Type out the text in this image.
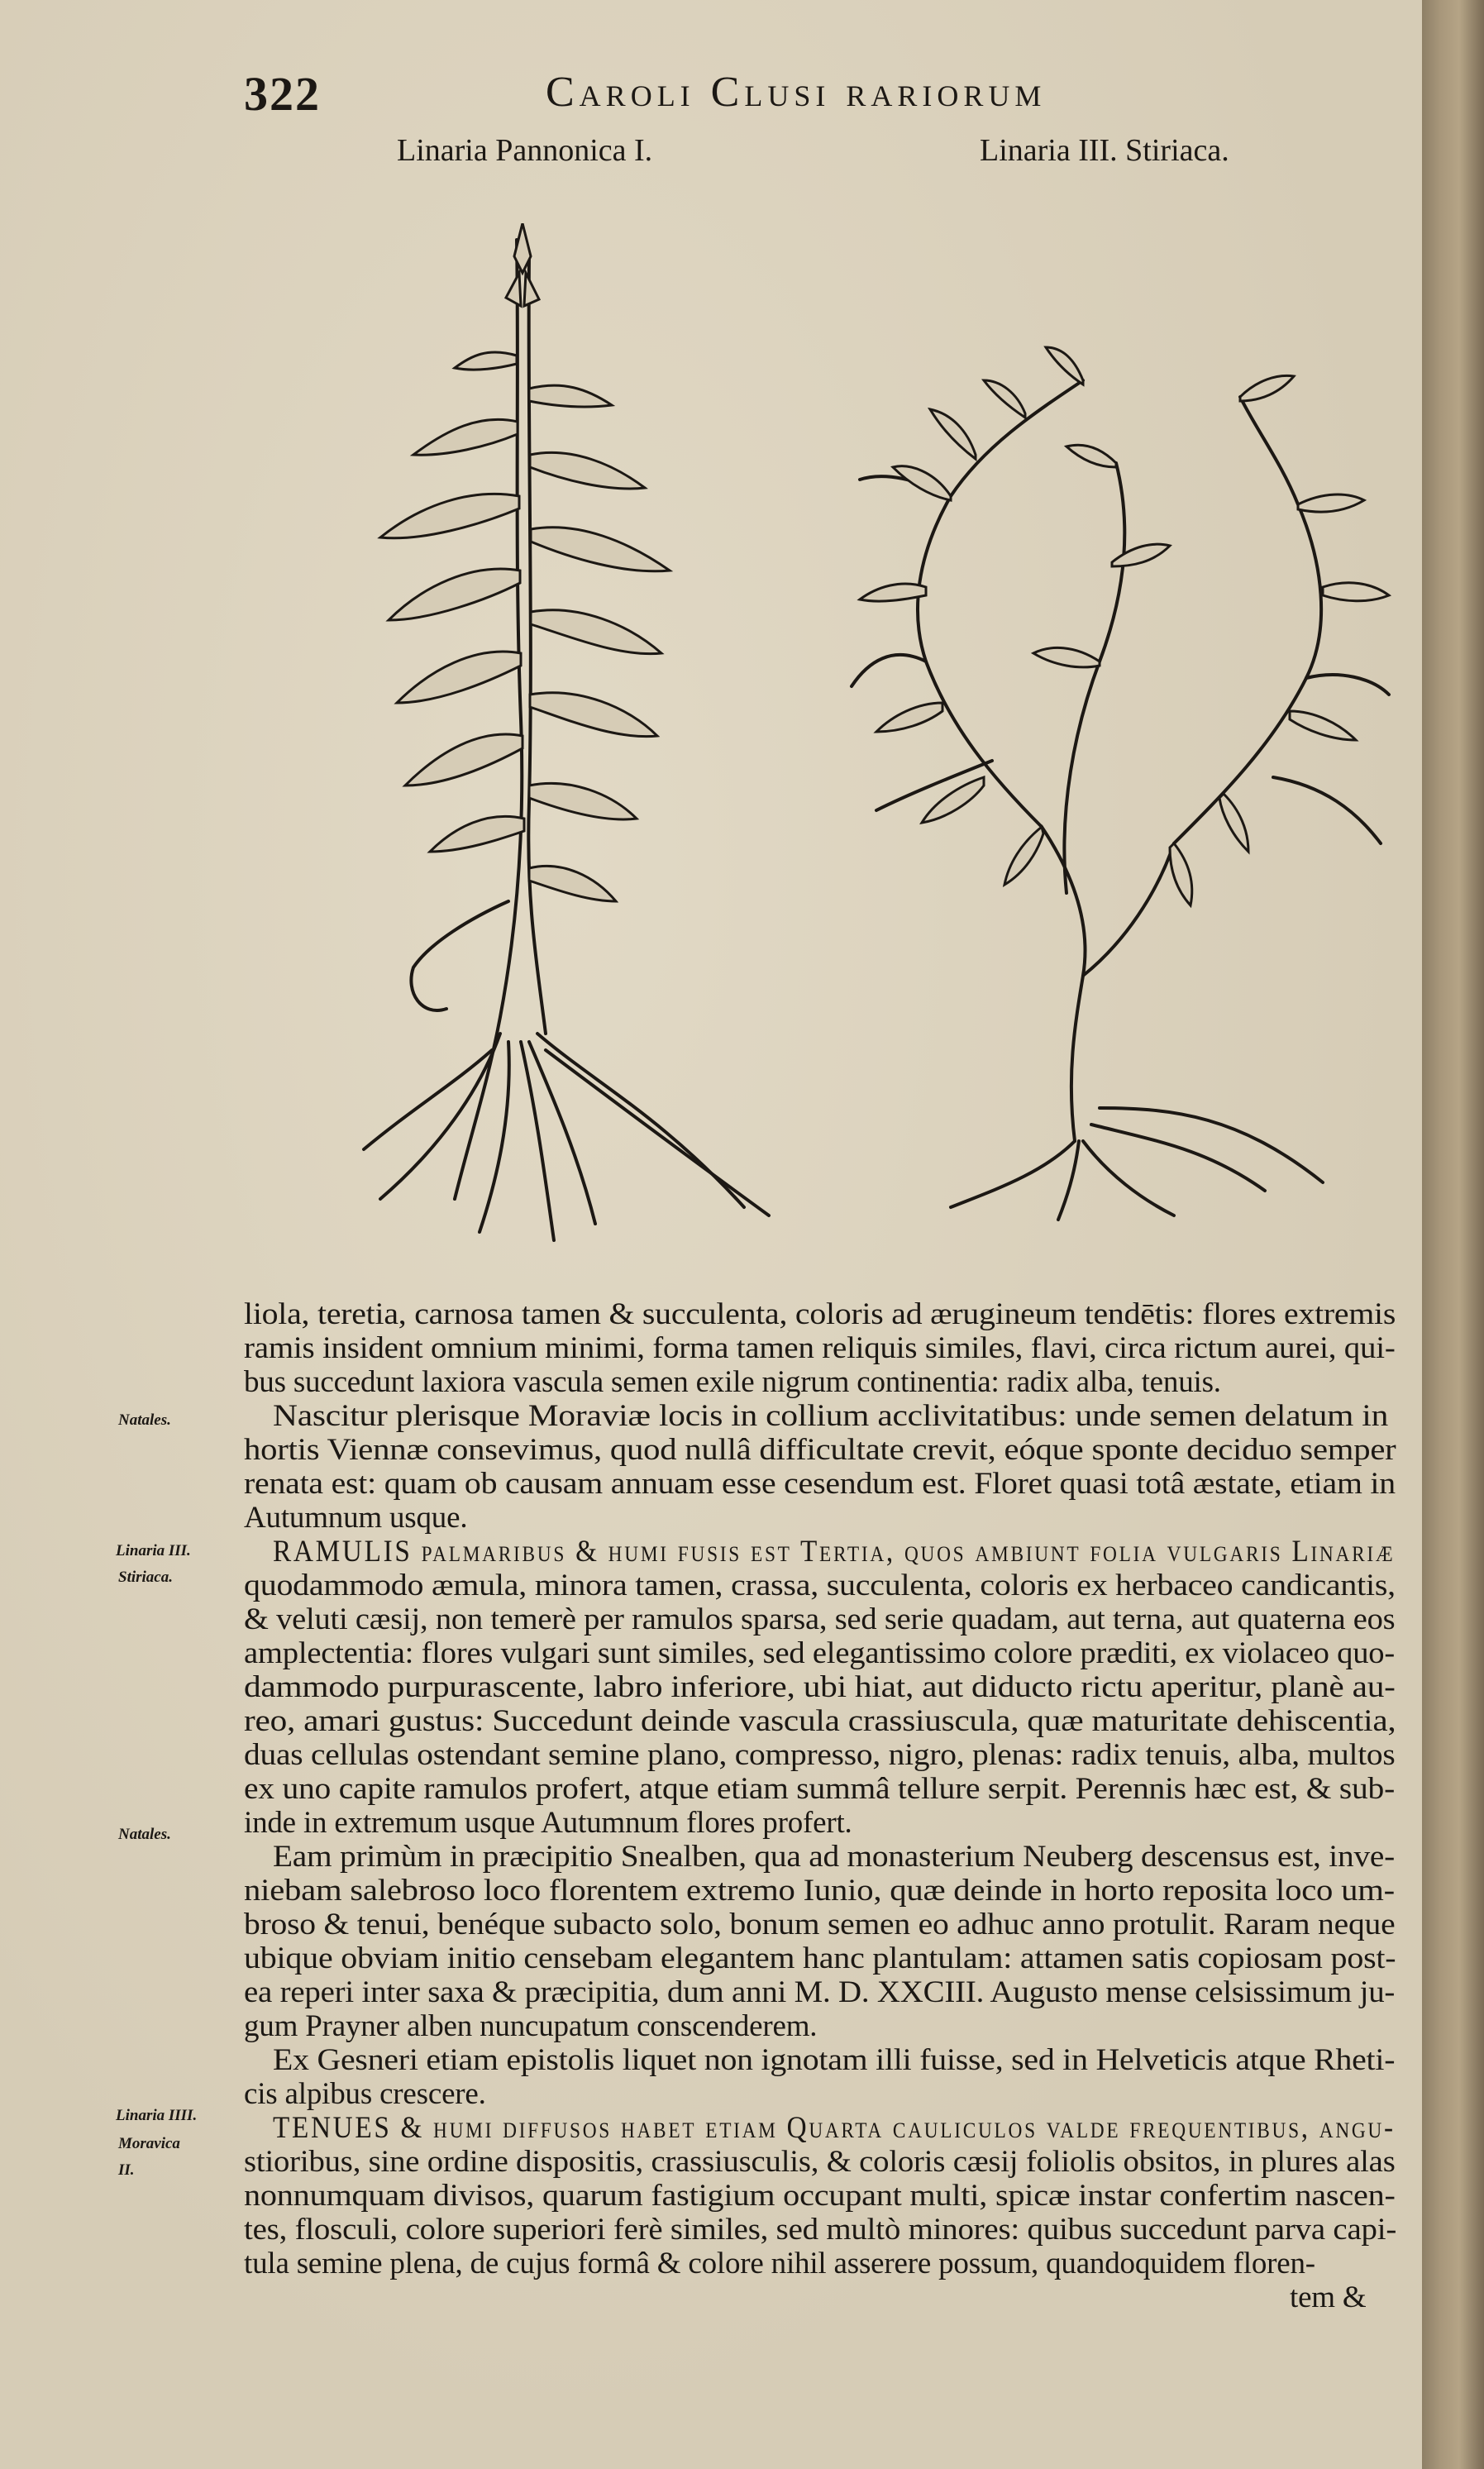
322	Caroli Clusi rariorum
Linaria Pannonica I.	Linaria III. Stiriaca.
Natales.
Linaria III.
Stiriaca.
Natales.
Linaria IIII.
Moravica
II.
liola, teretia, carnosa tamen & succulenta, coloris ad ærugineum tendētis: flores extremis
ramis insident omnium minimi, forma tamen reliquis similes, flavi, circa rictum aurei, qui-
bus succedunt laxiora vascula semen exile nigrum continentia: radix alba, tenuis.
Nascitur plerisque Moraviæ locis in collium acclivitatibus: unde semen delatum in
hortis Viennæ consevimus, quod nullâ difficultate crevit, eóque sponte deciduo semper
renata est: quam ob causam annuam esse cesendum est. Floret quasi totâ æstate, etiam in
Autumnum usque.
RAMULIS palmaribus & humi fusis est Tertia, quos ambiunt folia vulgaris Linariæ
quodammodo æmula, minora tamen, crassa, succulenta, coloris ex herbaceo candicantis,
& veluti cæsij, non temerè per ramulos sparsa, sed serie quadam, aut terna, aut quaterna eos
amplectentia: flores vulgari sunt similes, sed elegantissimo colore præditi, ex violaceo quo-
dammodo purpurascente, labro inferiore, ubi hiat, aut diducto rictu aperitur, planè au-
reo, amari gustus: Succedunt deinde vascula crassiuscula, quæ maturitate dehiscentia,
duas cellulas ostendant semine plano, compresso, nigro, plenas: radix tenuis, alba, multos
ex uno capite ramulos profert, atque etiam summâ tellure serpit. Perennis hæc est, & sub-
inde in extremum usque Autumnum flores profert.
Eam primùm in præcipitio Snealben, qua ad monasterium Neuberg descensus est, inve-
niebam salebroso loco florentem extremo Iunio, quæ deinde in horto reposita loco um-
broso & tenui, benéque subacto solo, bonum semen eo adhuc anno protulit. Raram neque
ubique obviam initio censebam elegantem hanc plantulam: attamen satis copiosam post-
ea reperi inter saxa & præcipitia, dum anni M. D. XXCIII. Augusto mense celsissimum ju-
gum Prayner alben nuncupatum conscenderem.
Ex Gesneri etiam epistolis liquet non ignotam illi fuisse, sed in Helveticis atque Rheti-
cis alpibus crescere.
TENUES & humi diffusos habet etiam Quarta cauliculos valde frequentibus, angu-
stioribus, sine ordine dispositis, crassiusculis, & coloris cæsij foliolis obsitos, in plures alas
nonnumquam divisos, quarum fastigium occupant multi, spicæ instar confertim nascen-
tes, flosculi, colore superiori ferè similes, sed multò minores: quibus succedunt parva capi-
tula semine plena, de cujus formâ & colore nihil asserere possum, quandoquidem floren-
tem &
